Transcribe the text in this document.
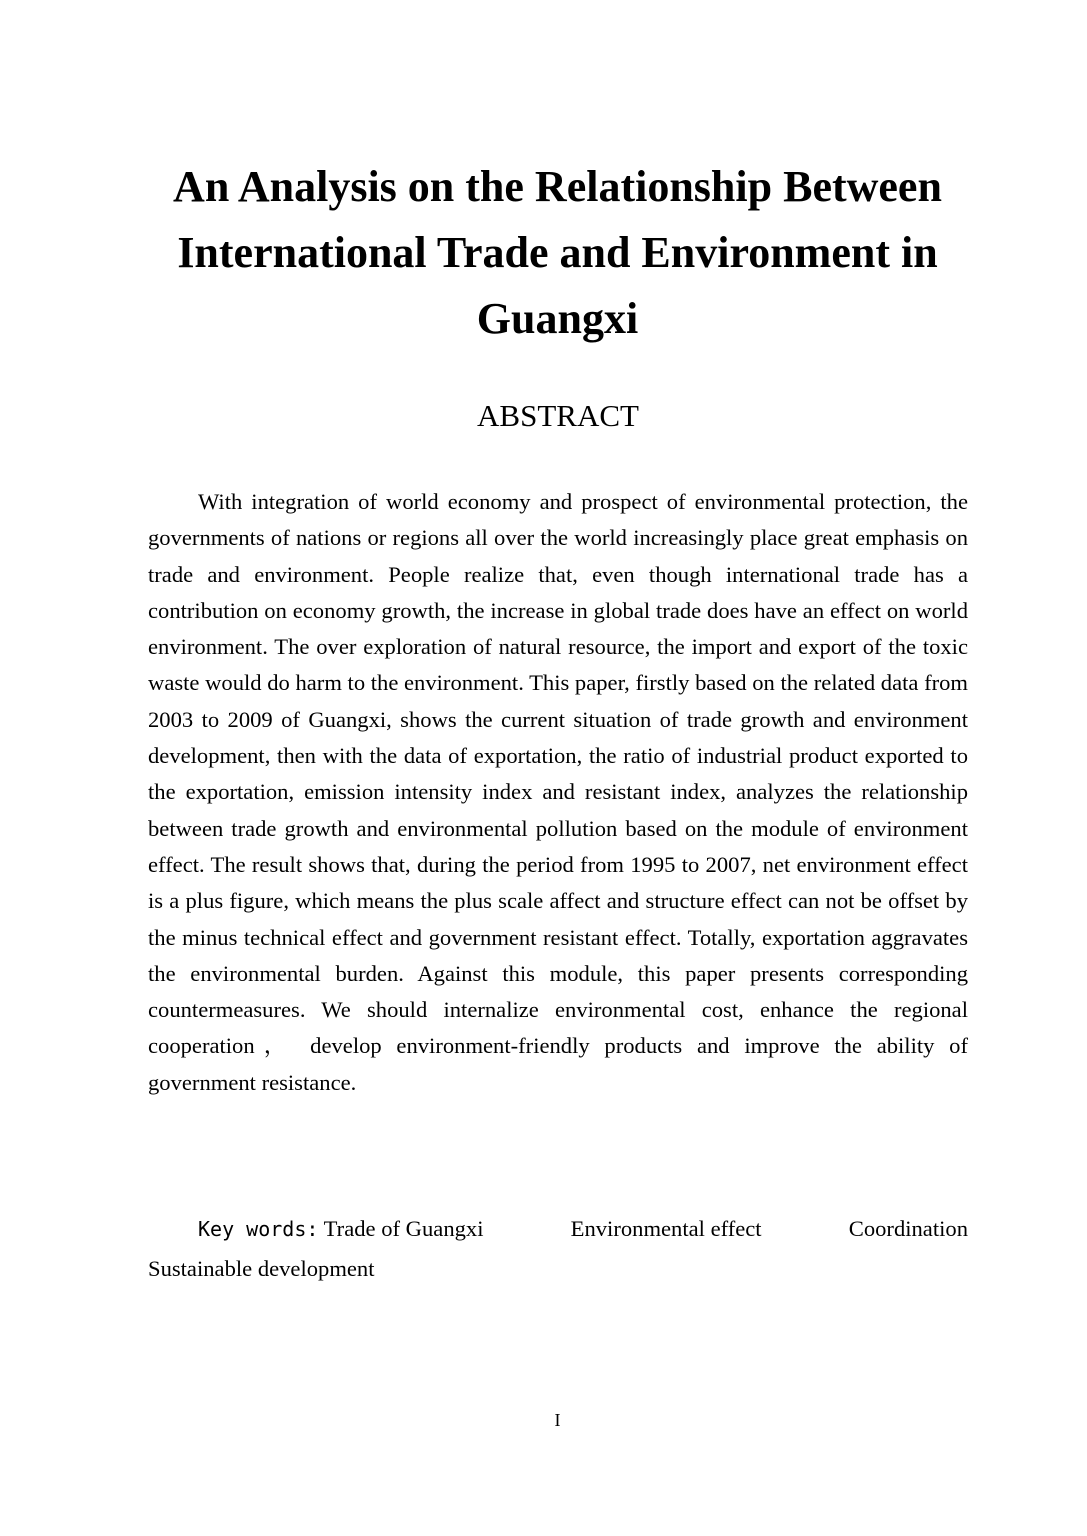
An Analysis on the Relationship Between
International Trade and Environment in
Guangxi
ABSTRACT

With integration of world economy and prospect of environmental protection, the governments of nations or regions all over the world increasingly place great emphasis on trade and environment. People realize that, even though international trade has a contribution on economy growth, the increase in global trade does have an effect on world environment. The over exploration of natural resource, the import and export of the toxic waste would do harm to the environment. This paper, firstly based on the related data from 2003 to 2009 of Guangxi, shows the current situation of trade growth and environment development, then with the data of exportation, the ratio of industrial product exported to the exportation, emission intensity index and resistant index, analyzes the relationship between trade growth and environmental pollution based on the module of environment effect. The result shows that, during the period from 1995 to 2007, net environment effect is a plus figure, which means the plus scale affect and structure effect can not be offset by the minus technical effect and government resistant effect. Totally, exportation aggravates the environmental burden. Against this module, this paper presents corresponding countermeasures. We should internalize environmental cost, enhance the regional cooperation， develop environment-friendly products and improve the ability of government resistance.

Key words: Trade of Guangxi	Environmental effect	Coordination
Sustainable development
I
